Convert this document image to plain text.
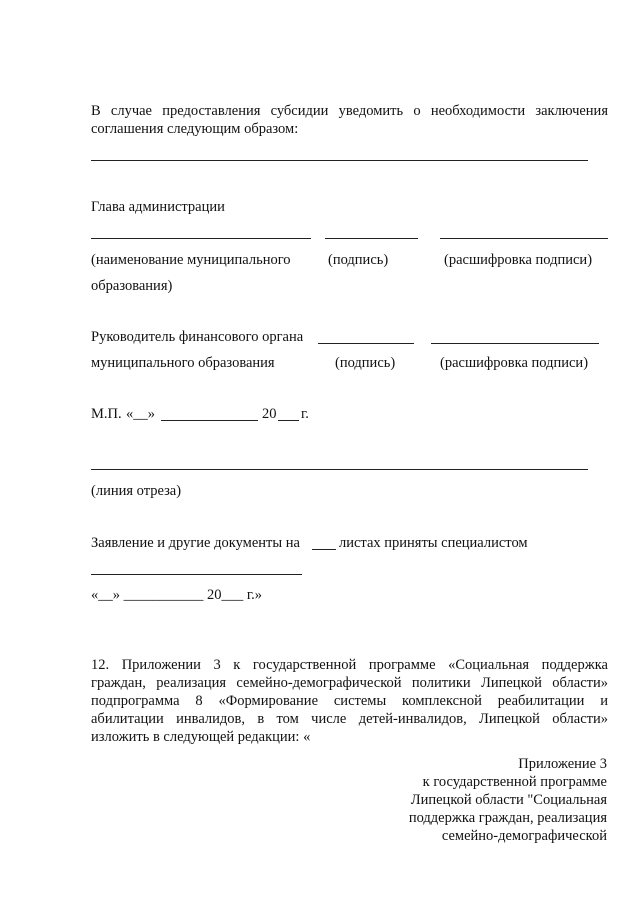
В случае предоставления субсидии уведомить о необходимости заключения
соглашения следующим образом:
Глава администрации
(наименование муниципального	(подпись)	(расшифровка подписи)
образования)
Руководитель финансового органа
муниципального образования	(подпись)	(расшифровка подписи)
М.П. «__»	20 г.
(линия отреза)
Заявление и другие документы на	листах приняты специалистом
«__» ___________ 20___ г.»
12. Приложении 3 к государственной программе «Социальная поддержка
граждан, реализация семейно-демографической политики Липецкой области»
подпрограмма 8 «Формирование системы комплексной реабилитации и
абилитации инвалидов, в том числе детей-инвалидов, Липецкой области»
изложить в следующей редакции: «
Приложение 3
к государственной программе
Липецкой области "Социальная
поддержка граждан, реализация
семейно-демографической
